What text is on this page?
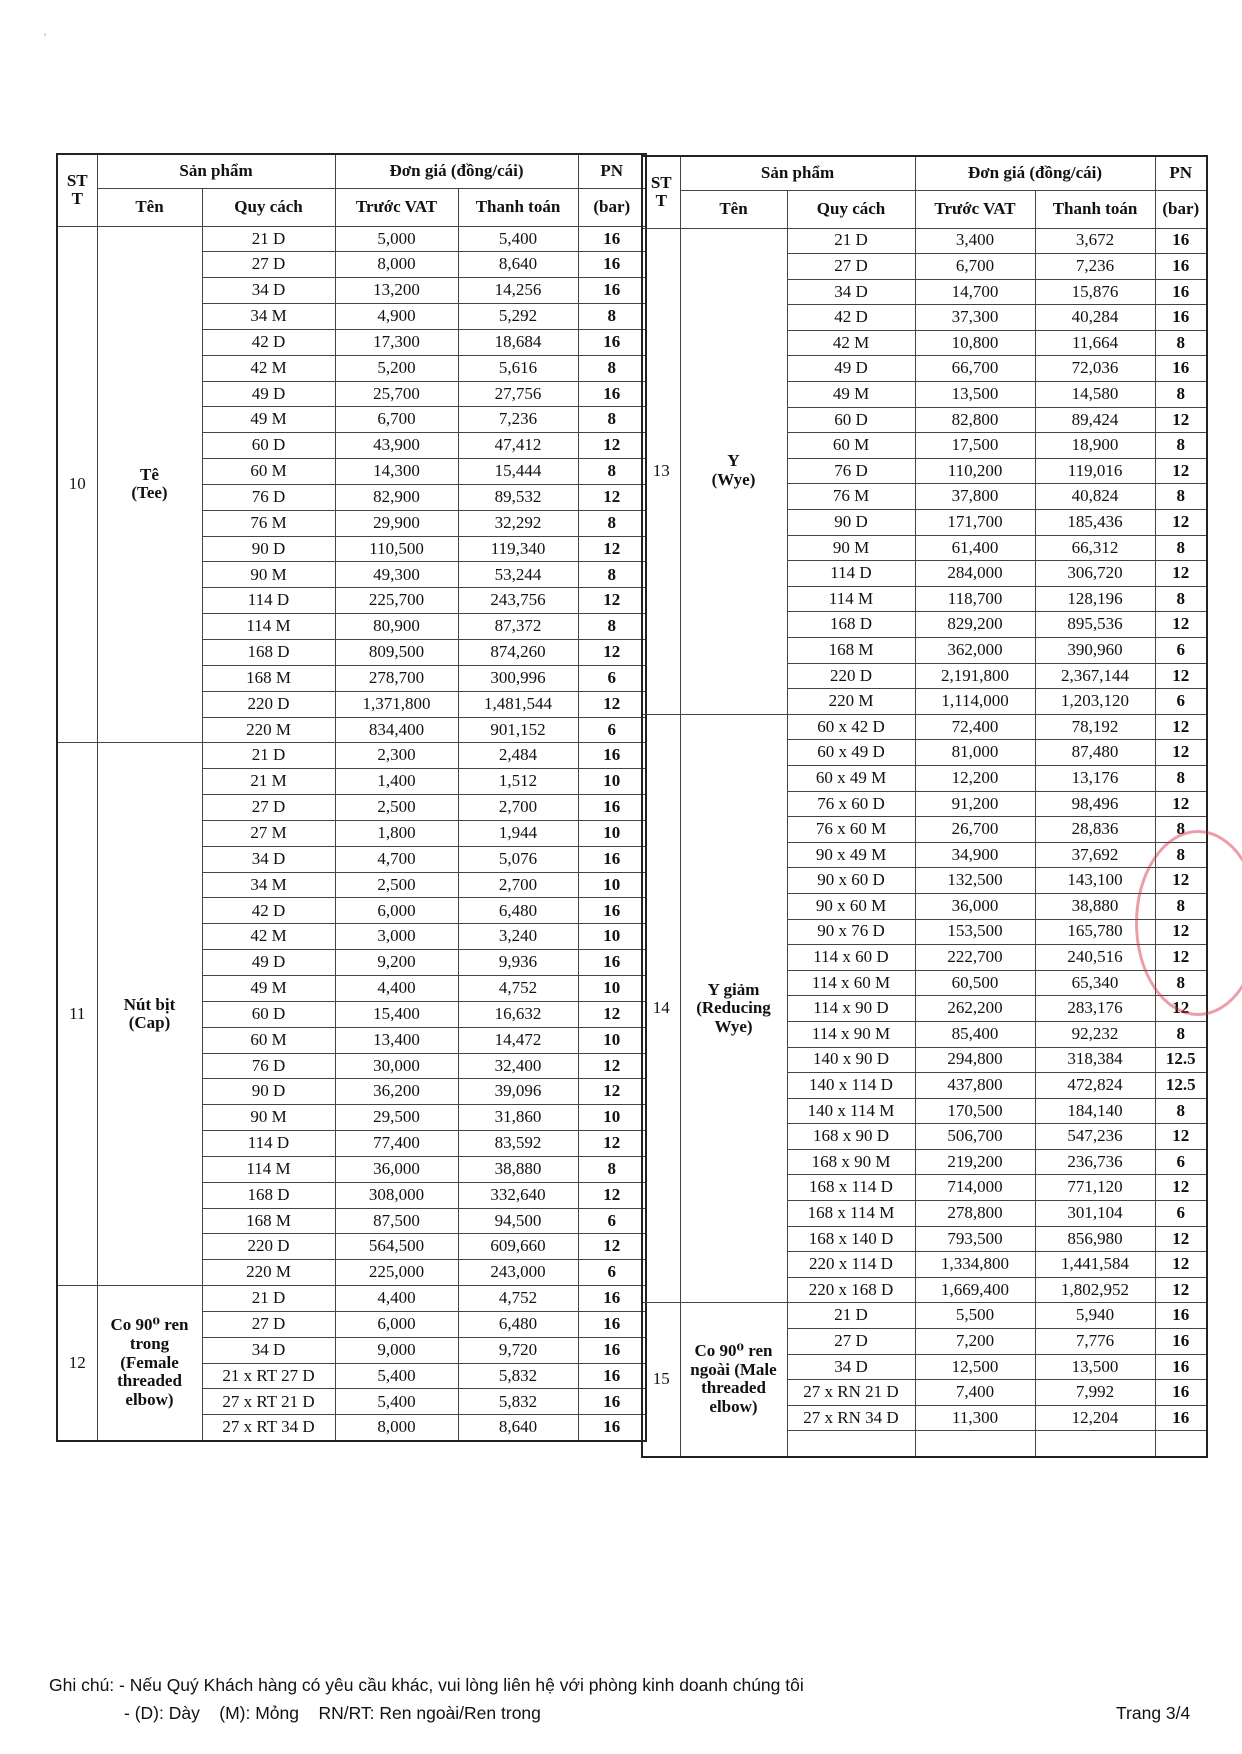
'
ST
T	Sản phẩm		Đơn giá (đồng/cái)		PN
	Tên	Quy cách	Trước VAT	Thanh toán	(bar)
10	Tê
(Tee)	21 D	5,000	5,400	16
		27 D	8,000	8,640	16
		34 D	13,200	14,256	16
		34 M	4,900	5,292	8
		42 D	17,300	18,684	16
		42 M	5,200	5,616	8
		49 D	25,700	27,756	16
		49 M	6,700	7,236	8
		60 D	43,900	47,412	12
		60 M	14,300	15,444	8
		76 D	82,900	89,532	12
		76 M	29,900	32,292	8
		90 D	110,500	119,340	12
		90 M	49,300	53,244	8
		114 D	225,700	243,756	12
		114 M	80,900	87,372	8
		168 D	809,500	874,260	12
		168 M	278,700	300,996	6
		220 D	1,371,800	1,481,544	12
		220 M	834,400	901,152	6
11	Nút bịt
(Cap)	21 D	2,300	2,484	16
		21 M	1,400	1,512	10
		27 D	2,500	2,700	16
		27 M	1,800	1,944	10
		34 D	4,700	5,076	16
		34 M	2,500	2,700	10
		42 D	6,000	6,480	16
		42 M	3,000	3,240	10
		49 D	9,200	9,936	16
		49 M	4,400	4,752	10
		60 D	15,400	16,632	12
		60 M	13,400	14,472	10
		76 D	30,000	32,400	12
		90 D	36,200	39,096	12
		90 M	29,500	31,860	10
		114 D	77,400	83,592	12
		114 M	36,000	38,880	8
		168 D	308,000	332,640	12
		168 M	87,500	94,500	6
		220 D	564,500	609,660	12
		220 M	225,000	243,000	6
12	Co 90⁰ ren
trong
(Female
threaded
elbow)	21 D	4,400	4,752	16
		27 D	6,000	6,480	16
		34 D	9,000	9,720	16
		21 x RT 27 D	5,400	5,832	16
		27 x RT 21 D	5,400	5,832	16
		27 x RT 34 D	8,000	8,640	16
ST
T	Sản phẩm		Đơn giá (đồng/cái)		PN
	Tên	Quy cách	Trước VAT	Thanh toán	(bar)
13	Y
(Wye)	21 D	3,400	3,672	16
		27 D	6,700	7,236	16
		34 D	14,700	15,876	16
		42 D	37,300	40,284	16
		42 M	10,800	11,664	8
		49 D	66,700	72,036	16
		49 M	13,500	14,580	8
		60 D	82,800	89,424	12
		60 M	17,500	18,900	8
		76 D	110,200	119,016	12
		76 M	37,800	40,824	8
		90 D	171,700	185,436	12
		90 M	61,400	66,312	8
		114 D	284,000	306,720	12
		114 M	118,700	128,196	8
		168 D	829,200	895,536	12
		168 M	362,000	390,960	6
		220 D	2,191,800	2,367,144	12
		220 M	1,114,000	1,203,120	6
14	Y giảm
(Reducing
Wye)	60 x 42 D	72,400	78,192	12
		60 x 49 D	81,000	87,480	12
		60 x 49 M	12,200	13,176	8
		76 x 60 D	91,200	98,496	12
		76 x 60 M	26,700	28,836	8
		90 x 49 M	34,900	37,692	8
		90 x 60 D	132,500	143,100	12
		90 x 60 M	36,000	38,880	8
		90 x 76 D	153,500	165,780	12
		114 x 60 D	222,700	240,516	12
		114 x 60 M	60,500	65,340	8
		114 x 90 D	262,200	283,176	12
		114 x 90 M	85,400	92,232	8
		140 x 90 D	294,800	318,384	12.5
		140 x 114 D	437,800	472,824	12.5
		140 x 114 M	170,500	184,140	8
		168 x 90 D	506,700	547,236	12
		168 x 90 M	219,200	236,736	6
		168 x 114 D	714,000	771,120	12
		168 x 114 M	278,800	301,104	6
		168 x 140 D	793,500	856,980	12
		220 x 114 D	1,334,800	1,441,584	12
		220 x 168 D	1,669,400	1,802,952	12
15	Co 90⁰ ren
ngoài (Male
threaded
elbow)	21 D	5,500	5,940	16
		27 D	7,200	7,776	16
		34 D	12,500	13,500	16
		27 x RN 21 D	7,400	7,992	16
		27 x RN 34 D	11,300	12,204	16

Ghi chú: - Nếu Quý Khách hàng có yêu cầu khác, vui lòng liên hệ với phòng kinh doanh chúng tôi
- (D): Dày    (M): Mỏng    RN/RT: Ren ngoài/Ren trong	Trang 3/4
